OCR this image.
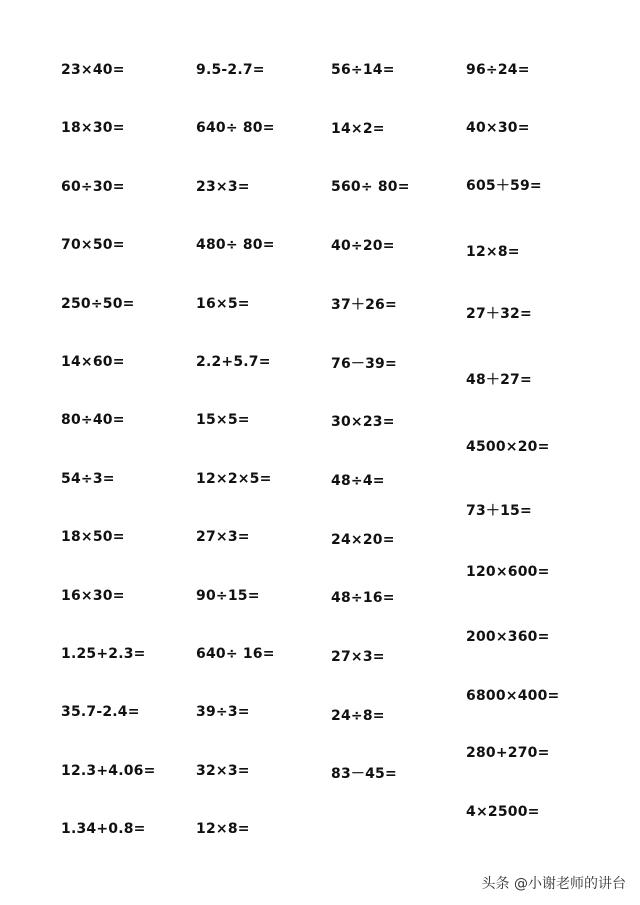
23×40=
18×30=
60÷30=
70×50=
250÷50=
14×60=
80÷40=
54÷3=
18×50=
16×30=
1.25+2.3=
35.7-2.4=
12.3+4.06=
1.34+0.8=
9.5-2.7=
640÷ 80=
23×3=
480÷ 80=
16×5=
2.2+5.7=
15×5=
12×2×5=
27×3=
90÷15=
640÷ 16=
39÷3=
32×3=
12×8=
56÷14=
14×2=
560÷ 80=
40÷20=
37＋26=
76－39=
30×23=
48÷4=
24×20=
48÷16=
27×3=
24÷8=
83－45=
96÷24=
40×30=
605＋59=
12×8=
27＋32=
48＋27=
4500×20=
73＋15=
120×600=
200×360=
6800×400=
280+270=
4×2500=
头条 @小谢老师的讲台
